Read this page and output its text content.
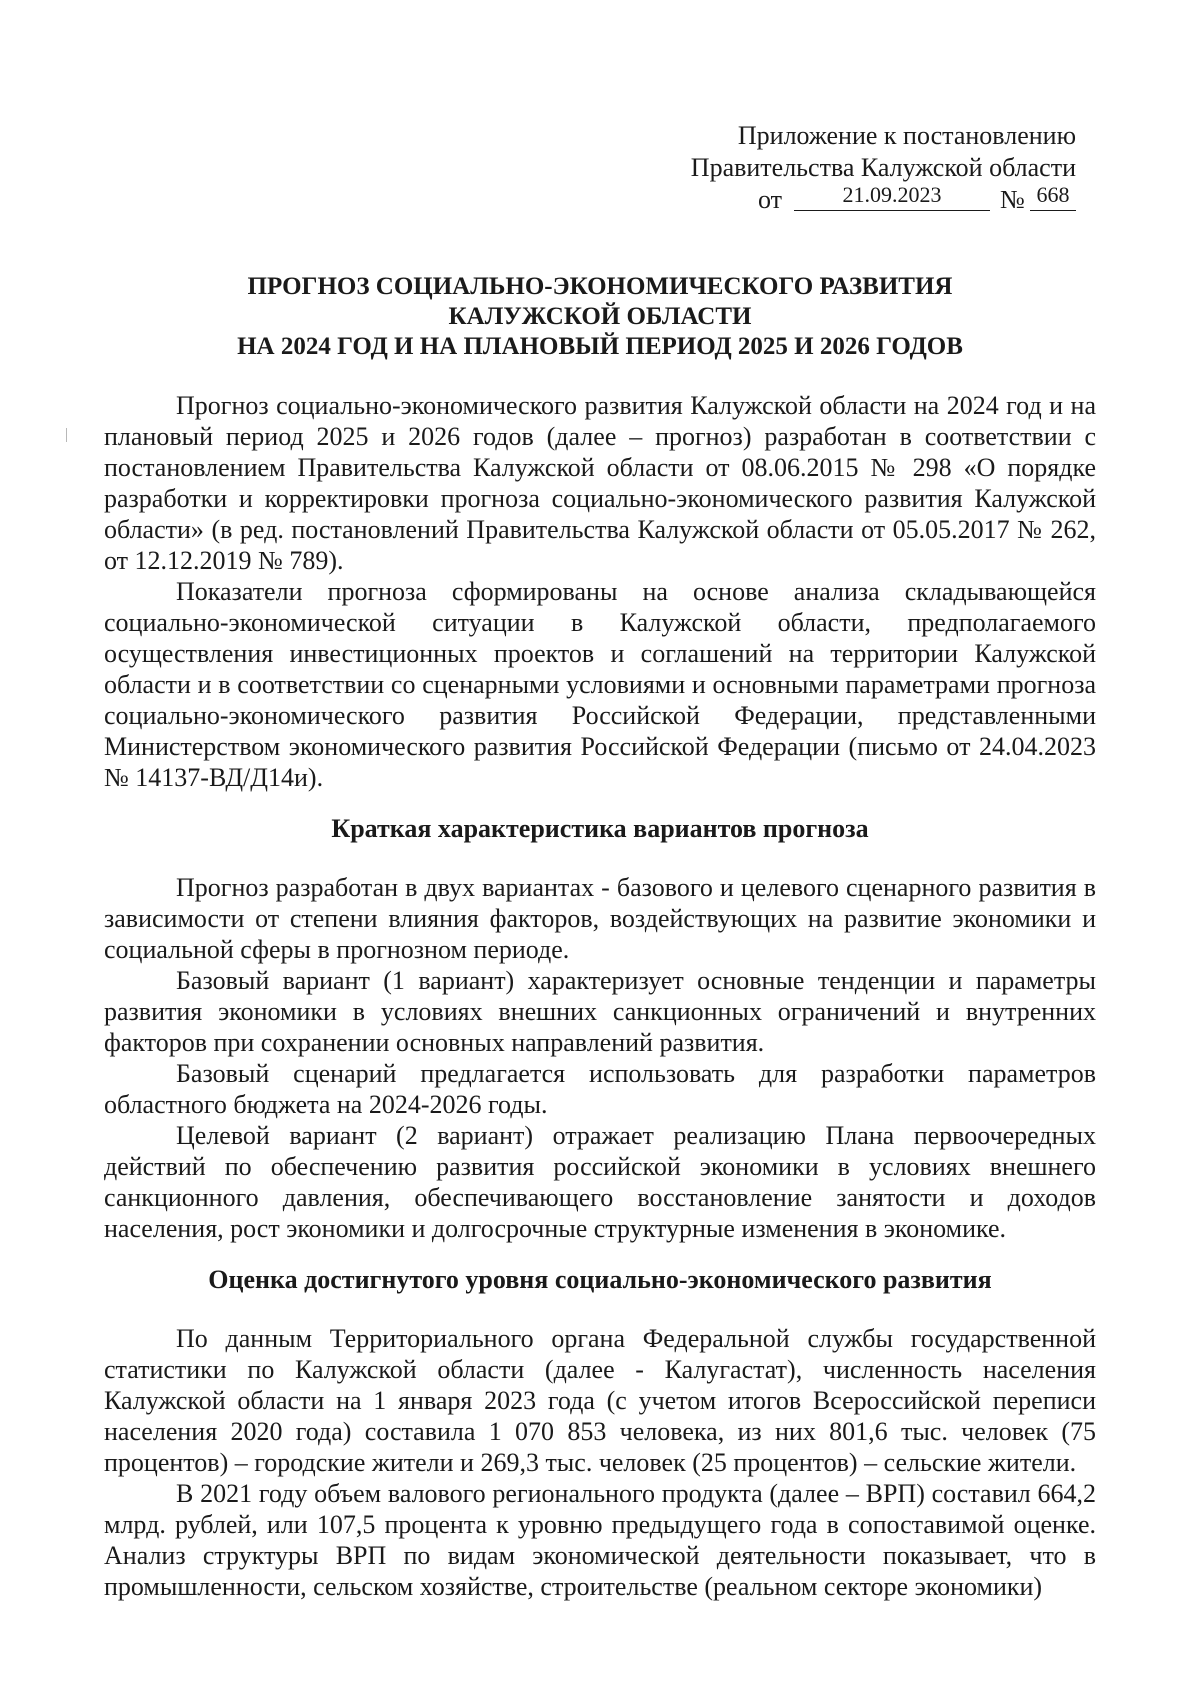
Приложение к постановлению
Правительства Калужской области
от	21.09.2023	№ 668
ПРОГНОЗ СОЦИАЛЬНО-ЭКОНОМИЧЕСКОГО РАЗВИТИЯ
КАЛУЖСКОЙ ОБЛАСТИ
НА 2024 ГОД И НА ПЛАНОВЫЙ ПЕРИОД 2025 И 2026 ГОДОВ

Прогноз социально-экономического развития Калужской области на 2024 год и на плановый период 2025 и 2026 годов (далее – прогноз) разработан в соответствии с постановлением Правительства Калужской области от 08.06.2015 № 298 «О порядке разработки и корректировки прогноза социально-экономического развития Калужской области» (в ред. постановлений Правительства Калужской области от 05.05.2017 № 262, от 12.12.2019 № 789).

Показатели прогноза сформированы на основе анализа складывающейся социально-экономической ситуации в Калужской области, предполагаемого осуществления инвестиционных проектов и соглашений на территории Калужской области и в соответствии со сценарными условиями и основными параметрами прогноза социально-экономического развития Российской Федерации, представленными Министерством экономического развития Российской Федерации (письмо от 24.04.2023 № 14137-ВД/Д14и).

Краткая характеристика вариантов прогноза

Прогноз разработан в двух вариантах - базового и целевого сценарного развития в зависимости от степени влияния факторов, воздействующих на развитие экономики и социальной сферы в прогнозном периоде.

Базовый вариант (1 вариант) характеризует основные тенденции и параметры развития экономики в условиях внешних санкционных ограничений и внутренних факторов при сохранении основных направлений развития.

Базовый сценарий предлагается использовать для разработки параметров областного бюджета на 2024-2026 годы.

Целевой вариант (2 вариант) отражает реализацию Плана первоочередных действий по обеспечению развития российской экономики в условиях внешнего санкционного давления, обеспечивающего восстановление занятости и доходов населения, рост экономики и долгосрочные структурные изменения в экономике.

Оценка достигнутого уровня социально-экономического развития

По данным Территориального органа Федеральной службы государственной статистики по Калужской области (далее - Калугастат), численность населения Калужской области на 1 января 2023 года (с учетом итогов Всероссийской переписи населения 2020 года) составила 1 070 853 человека, из них 801,6 тыс. человек (75 процентов) – городские жители и 269,3 тыс. человек (25 процентов) – сельские жители.

В 2021 году объем валового регионального продукта (далее – ВРП) составил 664,2 млрд. рублей, или 107,5 процента к уровню предыдущего года в сопоставимой оценке. Анализ структуры ВРП по видам экономической деятельности показывает, что в промышленности, сельском хозяйстве, строительстве (реальном секторе экономики)
